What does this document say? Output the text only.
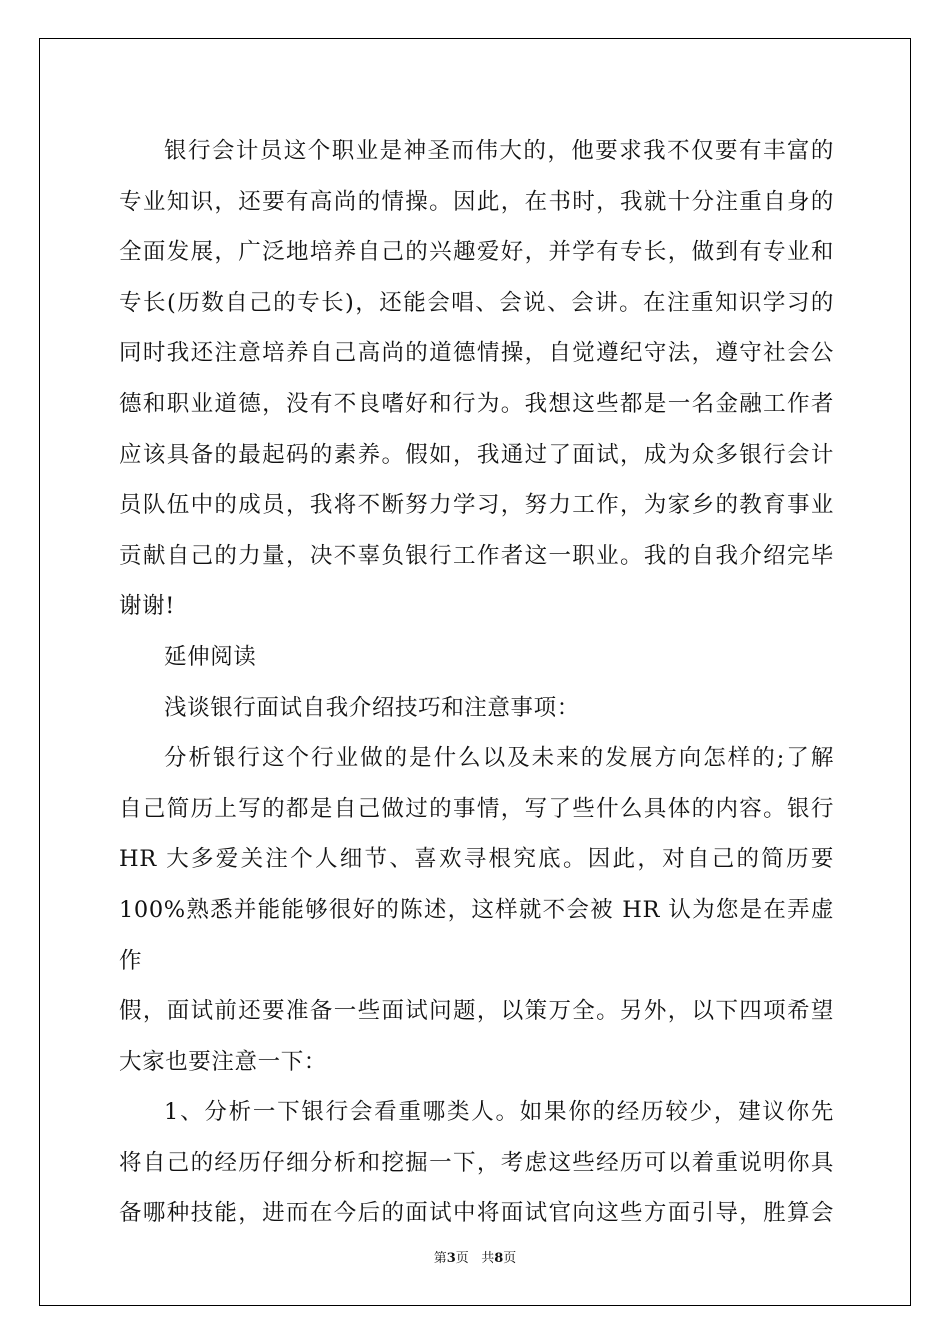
银行会计员这个职业是神圣而伟大的，他要求我不仅要有丰富的

专业知识，还要有高尚的情操。因此，在书时，我就十分注重自身的

全面发展，广泛地培养自己的兴趣爱好，并学有专长，做到有专业和

专长(历数自己的专长)，还能会唱、会说、会讲。在注重知识学习的

同时我还注意培养自己高尚的道德情操，自觉遵纪守法，遵守社会公

德和职业道德，没有不良嗜好和行为。我想这些都是一名金融工作者

应该具备的最起码的素养。假如，我通过了面试，成为众多银行会计

员队伍中的成员，我将不断努力学习，努力工作，为家乡的教育事业

贡献自己的力量，决不辜负银行工作者这一职业。我的自我介绍完毕

谢谢!

延伸阅读

浅谈银行面试自我介绍技巧和注意事项：

分析银行这个行业做的是什么以及未来的发展方向怎样的;了解

自己简历上写的都是自己做过的事情，写了些什么具体的内容。银行

HR 大多爱关注个人细节、喜欢寻根究底。因此，对自己的简历要

100%熟悉并能能够很好的陈述，这样就不会被 HR 认为您是在弄虚作

假，面试前还要准备一些面试问题，以策万全。另外，以下四项希望

大家也要注意一下：

1、分析一下银行会看重哪类人。如果你的经历较少，建议你先

将自己的经历仔细分析和挖掘一下，考虑这些经历可以着重说明你具

备哪种技能，进而在今后的面试中将面试官向这些方面引导，胜算会

第3页 共8页
